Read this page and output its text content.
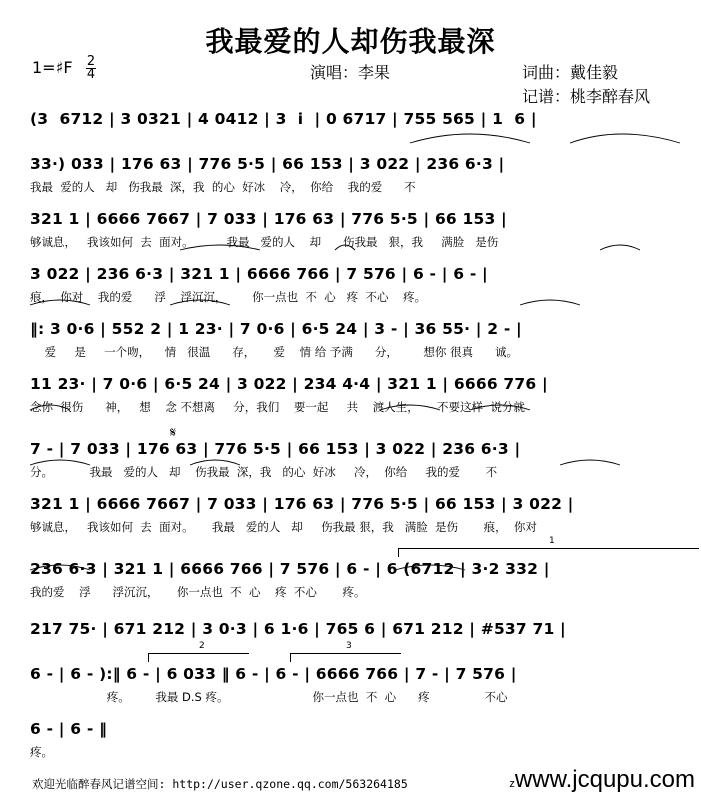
我最爱的人却伤我最深
演唱：李果	词曲：戴佳毅
记谱：桃李醉春风
1=♯F $\frac{2}{4}$
(3  6712 | 3 0321 | 4 0412 | 3  i  | 0 6717 | 755 565 | 1  6 |
33·) 033 | 176 63 | 776 5·5 | 66 153 | 3 022 | 236 6·3 |
我最  爱的人   却   伤我最  深，我  的心  好冰    冷，  你给    我的爱      不
321 1 | 6666 7667 | 7 033 | 176 63 | 776 5·5 | 66 153 |
够诚息，   我该如何  去  面对。         我最   爱的人    却      伤我最   狠，我     满脸   是伤
3 022 | 236 6·3 | 321 1 | 6666 766 | 7 576 | 6 - | 6 - |
痕，  你对    我的爱      浮    浮沉沉，       你一点也  不  心   疼  不心    疼。
‖: 3 0·6 | 552 2 | 1 23· | 7 0·6 | 6·5 24 | 3 - | 36 55· | 2 - |
爱     是     一个吻，    情   很温      存，     爱    情 给 予满      分，       想你 很真      诚。
11 23· | 7 0·6 | 6·5 24 | 3 022 | 234 4·4 | 321 1 | 6666 776 |
念你  很伤      神，   想    念 不想离     分，我们    要一起     共    渡人生，     不要这样  说分就
7 - | 7 033 | 176 63 | 776 5·5 | 66 153 | 3 022 | 236 6·3 |
分。          我最   爱的人   却    伤我最  深，我   的心  好冰     冷，  你给     我的爱       不
321 1 | 6666 7667 | 7 033 | 176 63 | 776 5·5 | 66 153 | 3 022 |
够诚息，   我该如何  去  面对。     我最   爱的人   却     伤我最 狠，我   满脸  是伤       痕，  你对
236 6·3 | 321 1 | 6666 766 | 7 576 | 6 - | 6 (6712 | 3·2 332 |
我的爱    浮      浮沉沉，     你一点也  不  心    疼  不心       疼。
217 75· | 671 212 | 3 0·3 | 6 1·6 | 765 6 | 671 212 | #537 71 |
6 - | 6 - ):‖ 6 - | 6 033 ‖ 6 - | 6 - | 6666 766 | 7 - | 7 576 |
疼。       我最 D.S 疼。                       你一点也  不  心      疼               不心
6 - | 6 - ‖
疼。
1
2	3
𝄋
欢迎光临醉春风记谱空间: http://user.qzone.qq.com/563264185	zwww.jcqupu.com
